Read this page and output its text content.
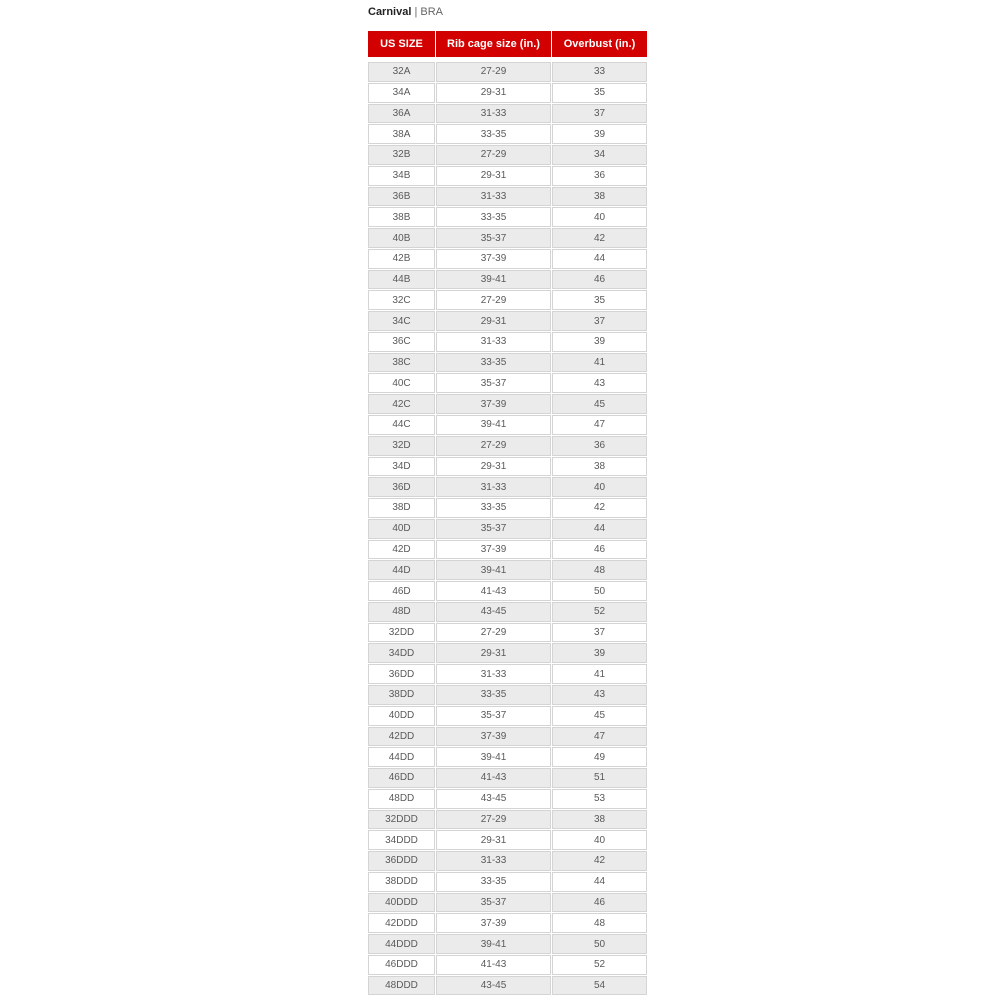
Carnival | BRA
US SIZE	Rib cage size (in.)	Overbust (in.)
32A	27-29	33
34A	29-31	35
36A	31-33	37
38A	33-35	39
32B	27-29	34
34B	29-31	36
36B	31-33	38
38B	33-35	40
40B	35-37	42
42B	37-39	44
44B	39-41	46
32C	27-29	35
34C	29-31	37
36C	31-33	39
38C	33-35	41
40C	35-37	43
42C	37-39	45
44C	39-41	47
32D	27-29	36
34D	29-31	38
36D	31-33	40
38D	33-35	42
40D	35-37	44
42D	37-39	46
44D	39-41	48
46D	41-43	50
48D	43-45	52
32DD	27-29	37
34DD	29-31	39
36DD	31-33	41
38DD	33-35	43
40DD	35-37	45
42DD	37-39	47
44DD	39-41	49
46DD	41-43	51
48DD	43-45	53
32DDD	27-29	38
34DDD	29-31	40
36DDD	31-33	42
38DDD	33-35	44
40DDD	35-37	46
42DDD	37-39	48
44DDD	39-41	50
46DDD	41-43	52
48DDD	43-45	54
